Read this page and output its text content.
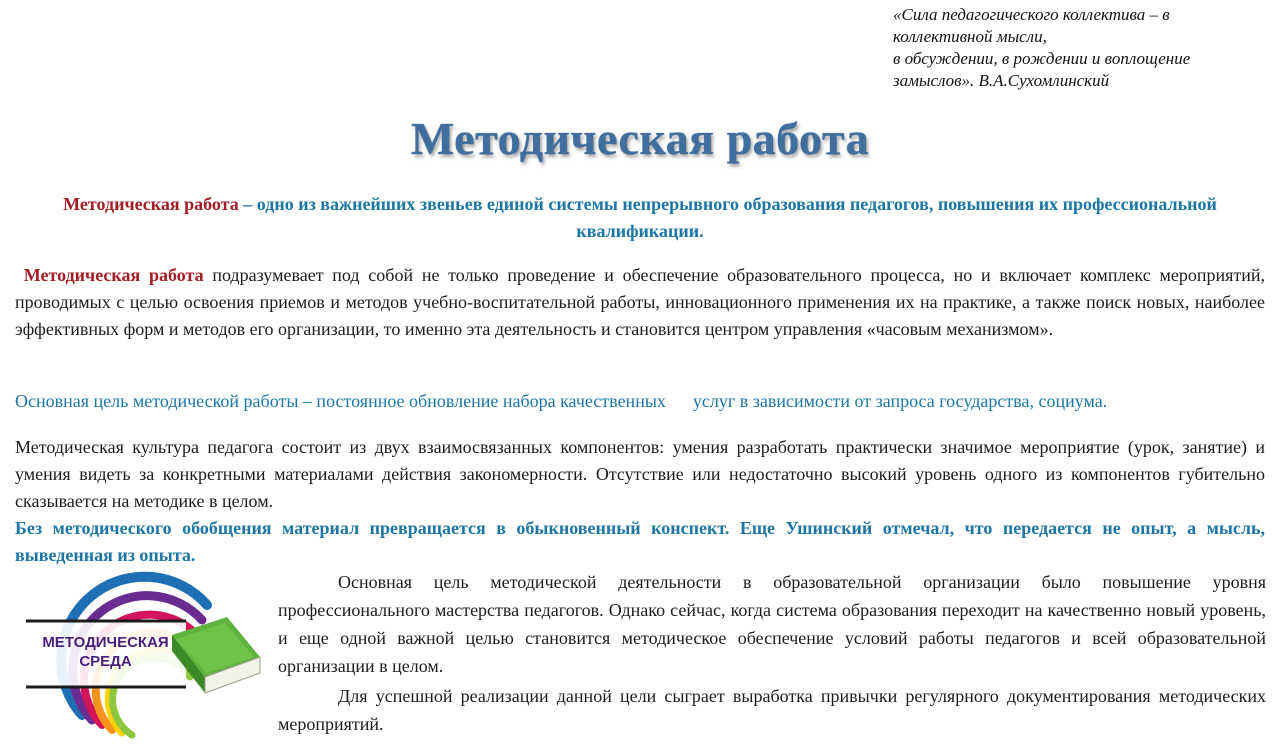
«Сила педагогического коллектива – в
коллективной мысли,
в обсуждении, в рождении и воплощение
замыслов». В.А.Сухомлинский
Методическая работа
Методическая работа – одно из важнейших звеньев единой системы непрерывного образования педагогов, повышения их профессиональной квалификации.
Методическая работа подразумевает под собой не только проведение и обеспечение образовательного процесса, но и включает комплекс мероприятий, проводимых с целью освоения приемов и методов учебно-воспитательной работы, инновационного применения их на практике, а также поиск новых, наиболее эффективных форм и методов его организации, то именно эта деятельность и становится центром управления «часовым механизмом».
Основная цель методической работы – постоянное обновление набора качественных      услуг в зависимости от запроса государства, социума.
Методическая культура педагога состоит из двух взаимосвязанных компонентов: умения разработать практически значимое мероприятие (урок, занятие) и умения видеть за конкретными материалами действия закономерности. Отсутствие или недостаточно высокий уровень одного из компонентов губительно сказывается на методике в целом.
Без методического обобщения материал превращается в обыкновенный конспект. Еще Ушинский отмечал, что передается не опыт, а мысль, выведенная из опыта.
МЕТОДИЧЕСКАЯ
СРЕДА

Основная цель методической деятельности в образовательной организации было повышение уровня профессионального мастерства педагогов. Однако сейчас, когда система образования переходит на качественно новый уровень, и еще одной важной целью становится методическое обеспечение условий работы педагогов и всей образовательной организации в целом.

Для успешной реализации данной цели сыграет выработка привычки регулярного документирования методических мероприятий.
